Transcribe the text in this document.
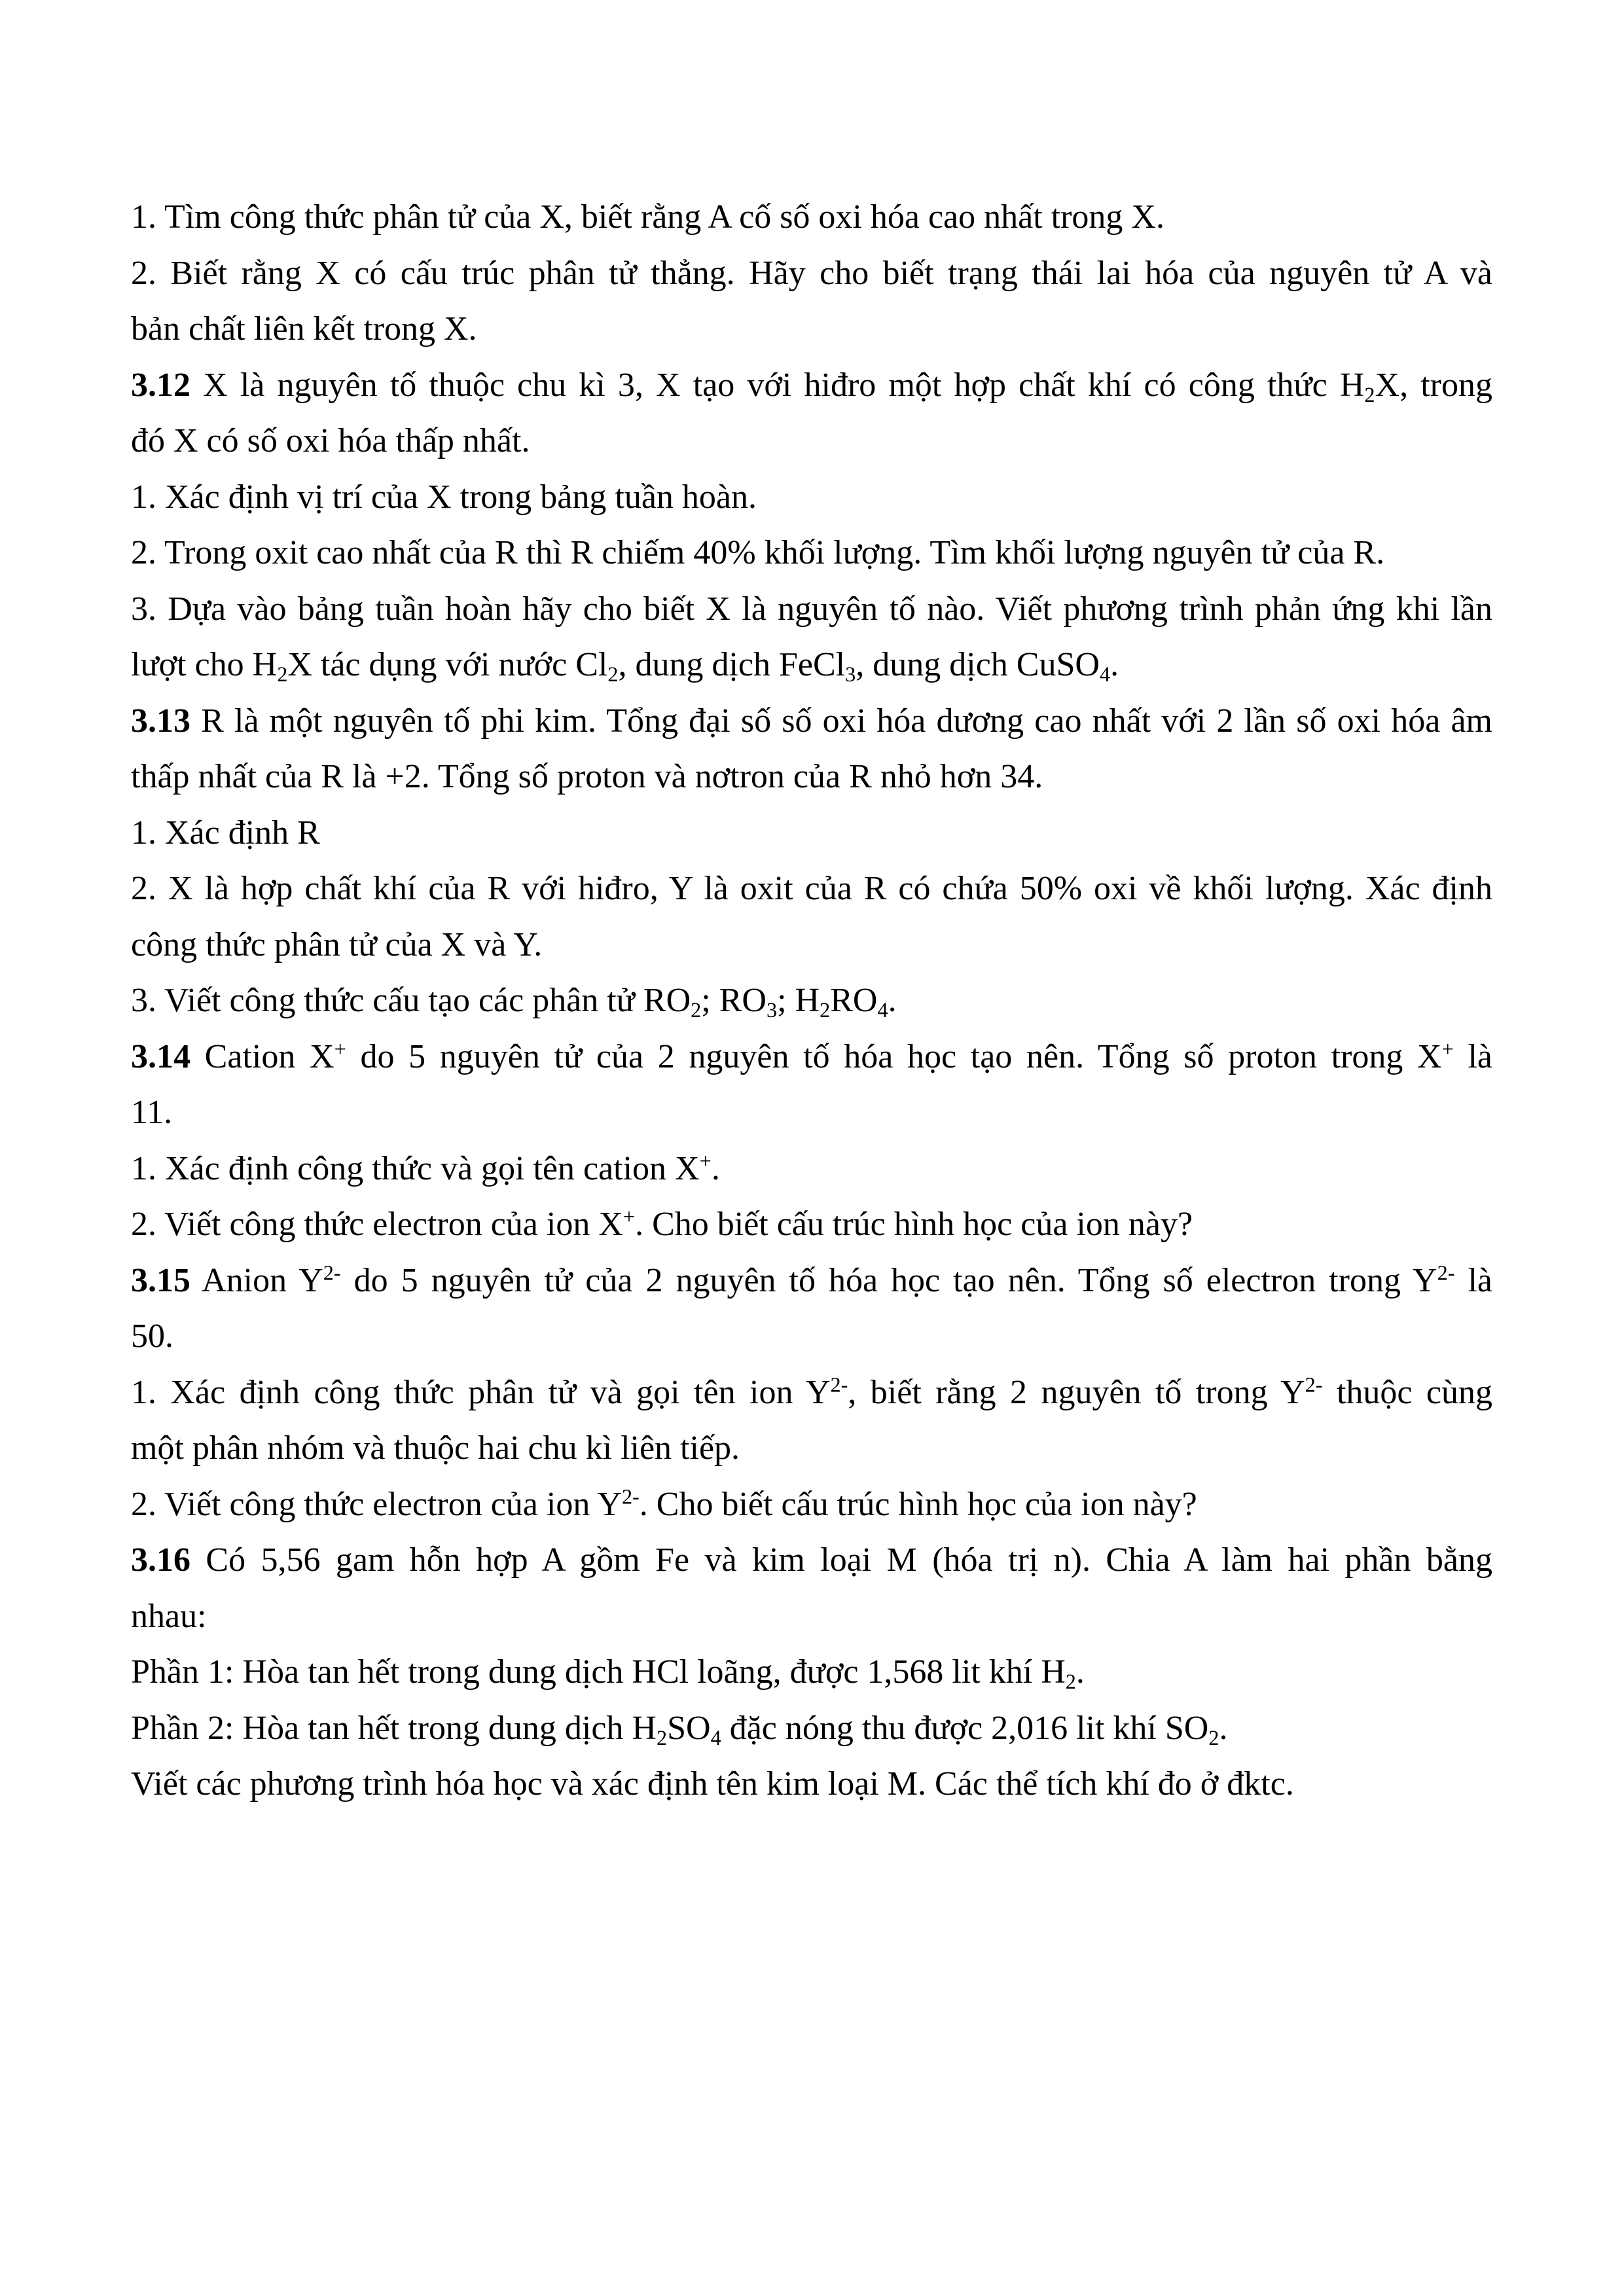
1. Tìm công thức phân tử của X, biết rằng A cố số oxi hóa cao nhất trong X.
2. Biết rằng X có cấu trúc phân tử thẳng. Hãy cho biết trạng thái lai hóa của nguyên tử A và
bản chất liên kết trong X.
3.12 X là nguyên tố thuộc chu kì 3, X tạo với hiđro một hợp chất khí có công thức $H_2X$, trong
đó X có số oxi hóa thấp nhất.
1. Xác định vị trí của X trong bảng tuần hoàn.
2. Trong oxit cao nhất của R thì R chiếm 40% khối lượng. Tìm khối lượng nguyên tử của R.
3. Dựa vào bảng tuần hoàn hãy cho biết X là nguyên tố nào. Viết phương trình phản ứng khi lần
lượt cho $H_2X$ tác dụng với nước $Cl_2$, dung dịch FeCl$_3$, dung dịch CuSO$_4$.
3.13 R là một nguyên tố phi kim. Tổng đại số số oxi hóa dương cao nhất với 2 lần số oxi hóa âm
thấp nhất của R là +2. Tổng số proton và nơtron của R nhỏ hơn 34.
1. Xác định R
2. X là hợp chất khí của R với hiđro, Y là oxit của R có chứa 50% oxi về khối lượng. Xác định
công thức phân tử của X và Y.
3. Viết công thức cấu tạo các phân tử $RO_2$; $RO_3$; $H_2RO_4$.
3.14 Cation X+ do 5 nguyên tử của 2 nguyên tố hóa học tạo nên. Tổng số proton trong X+ là
11.
1. Xác định công thức và gọi tên cation X+.
2. Viết công thức electron của ion X+. Cho biết cấu trúc hình học của ion này?
3.15 Anion $Y^{2-}$ do 5 nguyên tử của 2 nguyên tố hóa học tạo nên. Tổng số electron trong $Y^{2-}$ là
50.
1. Xác định công thức phân tử và gọi tên ion $Y^{2-}$, biết rằng 2 nguyên tố trong $Y^{2-}$ thuộc cùng
một phân nhóm và thuộc hai chu kì liên tiếp.
2. Viết công thức electron của ion $Y^{2-}$. Cho biết cấu trúc hình học của ion này?
3.16 Có 5,56 gam hỗn hợp A gồm Fe và kim loại M (hóa trị n). Chia A làm hai phần bằng
nhau:
Phần 1: Hòa tan hết trong dung dịch HCl loãng, được 1,568 lit khí $H_2$.
Phần 2: Hòa tan hết trong dung dịch $H_2SO_4$ đặc nóng thu được 2,016 lit khí $SO_2$.
Viết các phương trình hóa học và xác định tên kim loại M. Các thể tích khí đo ở đktc.
